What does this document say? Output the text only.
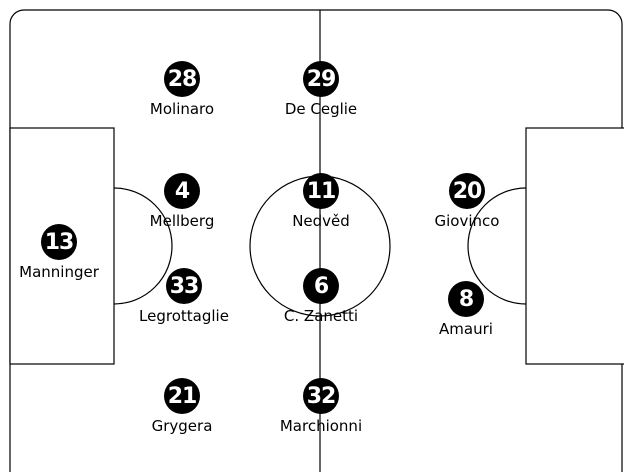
28
Molinaro
29
De Ceglie
4
Mellberg
11
Nedvěd
20
Giovinco
13
Manninger
33
Legrottaglie
6
C. Zanetti
8
Amauri
21
Grygera
32
Marchionni
